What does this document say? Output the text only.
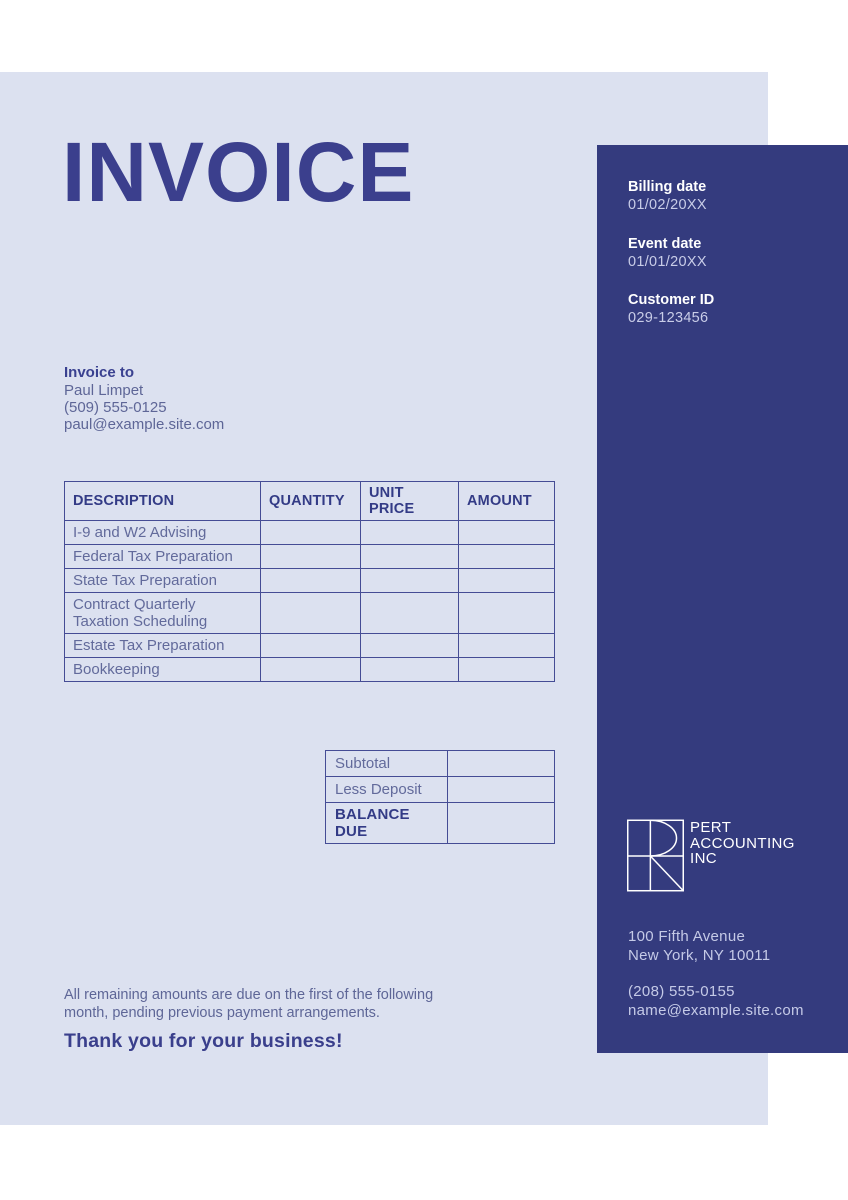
INVOICE	Billing date
01/02/20XX
Event date
01/01/20XX
Customer ID
029-123456
PERT
ACCOUNTING
INC
100 Fifth Avenue
New York, NY 10011
(208) 555-0155
name@example.site.com
Invoice to
Paul Limpet
(509) 555-0125
paul@example.site.com
DESCRIPTION	QUANTITY	UNIT PRICE	AMOUNT
I-9 and W2 Advising			
Federal Tax Preparation			
State Tax Preparation			
Contract Quarterly Taxation Scheduling			
Estate Tax Preparation			
Bookkeeping			
Subtotal	
Less Deposit	
BALANCE DUE	
All remaining amounts are due on the first of the following
month, pending previous payment arrangements.
Thank you for your business!
